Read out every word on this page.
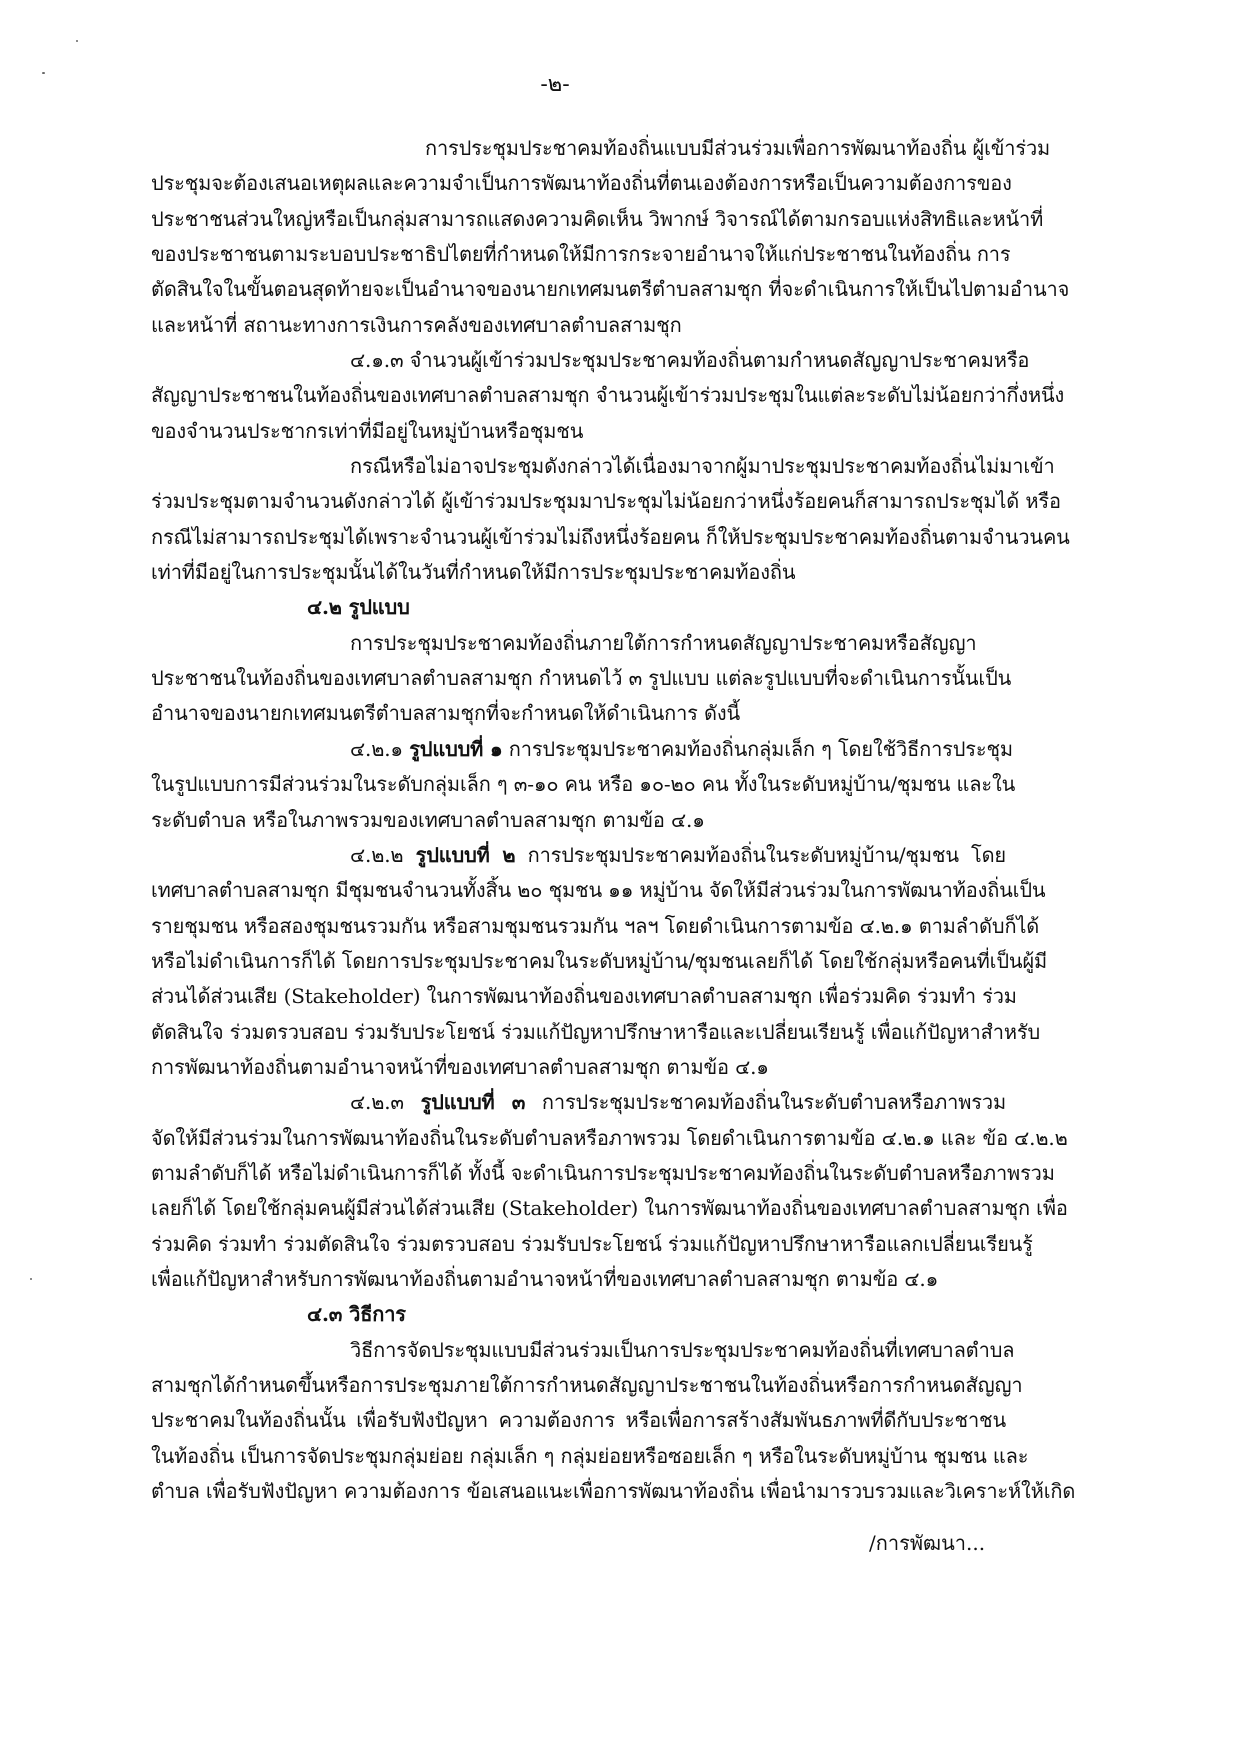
-๒-
การประชุมประชาคมท้องถิ่นแบบมีส่วนร่วมเพื่อการพัฒนาท้องถิ่น ผู้เข้าร่วม
ประชุมจะต้องเสนอเหตุผลและความจำเป็นการพัฒนาท้องถิ่นที่ตนเองต้องการหรือเป็นความต้องการของ
ประชาชนส่วนใหญ่หรือเป็นกลุ่มสามารถแสดงความคิดเห็น วิพากษ์ วิจารณ์ได้ตามกรอบแห่งสิทธิและหน้าที่
ของประชาชนตามระบอบประชาธิปไตยที่กำหนดให้มีการกระจายอำนาจให้แก่ประชาชนในท้องถิ่น การ
ตัดสินใจในขั้นตอนสุดท้ายจะเป็นอำนาจของนายกเทศมนตรีตำบลสามชุก ที่จะดำเนินการให้เป็นไปตามอำนาจ
และหน้าที่ สถานะทางการเงินการคลังของเทศบาลตำบลสามชุก
๔.๑.๓ จำนวนผู้เข้าร่วมประชุมประชาคมท้องถิ่นตามกำหนดสัญญาประชาคมหรือ
สัญญาประชาชนในท้องถิ่นของเทศบาลตำบลสามชุก จำนวนผู้เข้าร่วมประชุมในแต่ละระดับไม่น้อยกว่ากึ่งหนึ่ง
ของจำนวนประชากรเท่าที่มีอยู่ในหมู่บ้านหรือชุมชน
กรณีหรือไม่อาจประชุมดังกล่าวได้เนื่องมาจากผู้มาประชุมประชาคมท้องถิ่นไม่มาเข้า
ร่วมประชุมตามจำนวนดังกล่าวได้ ผู้เข้าร่วมประชุมมาประชุมไม่น้อยกว่าหนึ่งร้อยคนก็สามารถประชุมได้ หรือ
กรณีไม่สามารถประชุมได้เพราะจำนวนผู้เข้าร่วมไม่ถึงหนึ่งร้อยคน ก็ให้ประชุมประชาคมท้องถิ่นตามจำนวนคน
เท่าที่มีอยู่ในการประชุมนั้นได้ในวันที่กำหนดให้มีการประชุมประชาคมท้องถิ่น
๔.๒ รูปแบบ
การประชุมประชาคมท้องถิ่นภายใต้การกำหนดสัญญาประชาคมหรือสัญญา
ประชาชนในท้องถิ่นของเทศบาลตำบลสามชุก กำหนดไว้ ๓ รูปแบบ แต่ละรูปแบบที่จะดำเนินการนั้นเป็น
อำนาจของนายกเทศมนตรีตำบลสามชุกที่จะกำหนดให้ดำเนินการ ดังนี้
๔.๒.๑ รูปแบบที่ ๑ การประชุมประชาคมท้องถิ่นกลุ่มเล็ก ๆ โดยใช้วิธีการประชุม
ในรูปแบบการมีส่วนร่วมในระดับกลุ่มเล็ก ๆ ๓-๑๐ คน หรือ ๑๐-๒๐ คน ทั้งในระดับหมู่บ้าน/ชุมชน และใน
ระดับตำบล หรือในภาพรวมของเทศบาลตำบลสามชุก ตามข้อ ๔.๑
๔.๒.๒ รูปแบบที่ ๒ การประชุมประชาคมท้องถิ่นในระดับหมู่บ้าน/ชุมชน โดย
เทศบาลตำบลสามชุก มีชุมชนจำนวนทั้งสิ้น ๒๐ ชุมชน ๑๑ หมู่บ้าน จัดให้มีส่วนร่วมในการพัฒนาท้องถิ่นเป็น
รายชุมชน หรือสองชุมชนรวมกัน หรือสามชุมชนรวมกัน ฯลฯ โดยดำเนินการตามข้อ ๔.๒.๑ ตามลำดับก็ได้
หรือไม่ดำเนินการก็ได้ โดยการประชุมประชาคมในระดับหมู่บ้าน/ชุมชนเลยก็ได้ โดยใช้กลุ่มหรือคนที่เป็นผู้มี
ส่วนได้ส่วนเสีย (Stakeholder) ในการพัฒนาท้องถิ่นของเทศบาลตำบลสามชุก เพื่อร่วมคิด ร่วมทำ ร่วม
ตัดสินใจ ร่วมตรวบสอบ ร่วมรับประโยชน์ ร่วมแก้ปัญหาปรึกษาหารือและเปลี่ยนเรียนรู้ เพื่อแก้ปัญหาสำหรับ
การพัฒนาท้องถิ่นตามอำนาจหน้าที่ของเทศบาลตำบลสามชุก ตามข้อ ๔.๑
๔.๒.๓ รูปแบบที่ ๓ การประชุมประชาคมท้องถิ่นในระดับตำบลหรือภาพรวม
จัดให้มีส่วนร่วมในการพัฒนาท้องถิ่นในระดับตำบลหรือภาพรวม โดยดำเนินการตามข้อ ๔.๒.๑ และ ข้อ ๔.๒.๒
ตามลำดับก็ได้ หรือไม่ดำเนินการก็ได้ ทั้งนี้ จะดำเนินการประชุมประชาคมท้องถิ่นในระดับตำบลหรือภาพรวม
เลยก็ได้ โดยใช้กลุ่มคนผู้มีส่วนได้ส่วนเสีย (Stakeholder) ในการพัฒนาท้องถิ่นของเทศบาลตำบลสามชุก เพื่อ
ร่วมคิด ร่วมทำ ร่วมตัดสินใจ ร่วมตรวบสอบ ร่วมรับประโยชน์ ร่วมแก้ปัญหาปรึกษาหารือแลกเปลี่ยนเรียนรู้
เพื่อแก้ปัญหาสำหรับการพัฒนาท้องถิ่นตามอำนาจหน้าที่ของเทศบาลตำบลสามชุก ตามข้อ ๔.๑
๔.๓ วิธีการ
วิธีการจัดประชุมแบบมีส่วนร่วมเป็นการประชุมประชาคมท้องถิ่นที่เทศบาลตำบล
สามชุกได้กำหนดขึ้นหรือการประชุมภายใต้การกำหนดสัญญาประชาชนในท้องถิ่นหรือการกำหนดสัญญา
ประชาคมในท้องถิ่นนั้น เพื่อรับฟังปัญหา ความต้องการ หรือเพื่อการสร้างสัมพันธภาพที่ดีกับประชาชน
ในท้องถิ่น เป็นการจัดประชุมกลุ่มย่อย กลุ่มเล็ก ๆ กลุ่มย่อยหรือซอยเล็ก ๆ หรือในระดับหมู่บ้าน ชุมชน และ
ตำบล เพื่อรับฟังปัญหา ความต้องการ ข้อเสนอแนะเพื่อการพัฒนาท้องถิ่น เพื่อนำมารวบรวมและวิเคราะห์ให้เกิด
/การพัฒนา...
